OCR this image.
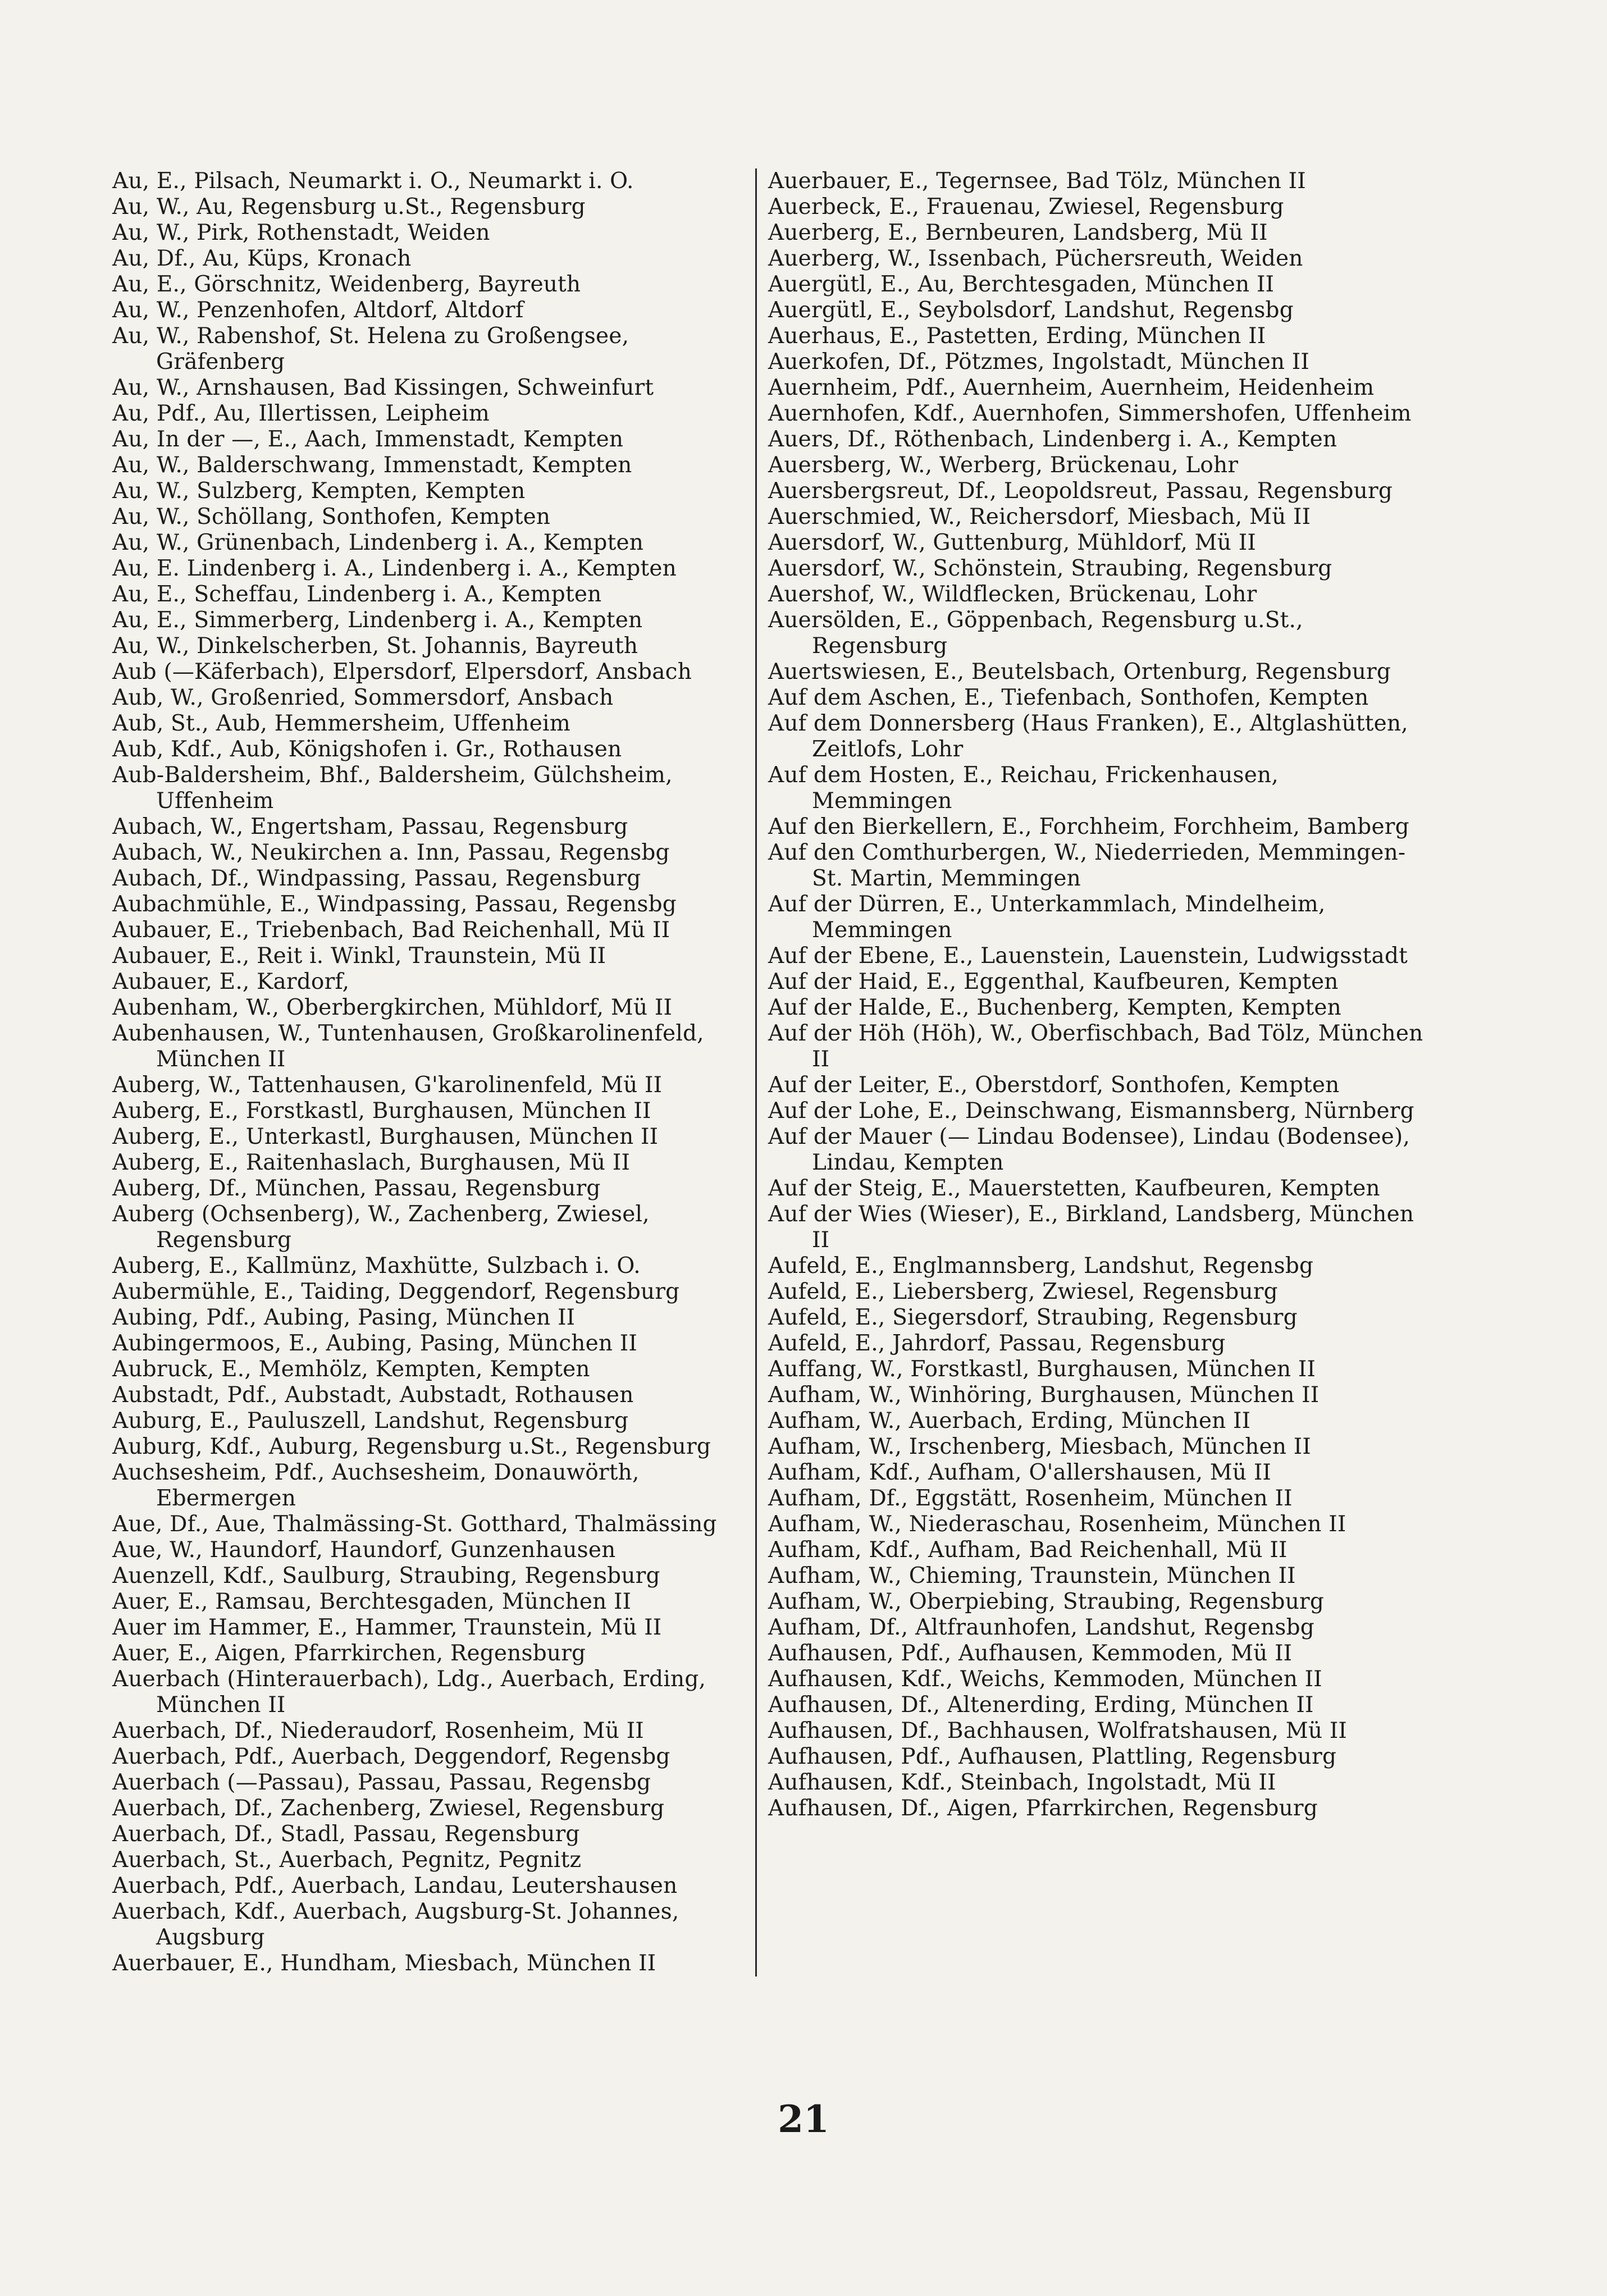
Au, E., Pilsach, Neumarkt i. O., Neumarkt i. O.
Au, W., Au, Regensburg u.St., Regensburg
Au, W., Pirk, Rothenstadt, Weiden
Au, Df., Au, Küps, Kronach
Au, E., Görschnitz, Weidenberg, Bayreuth
Au, W., Penzenhofen, Altdorf, Altdorf
Au, W., Rabenshof, St. Helena zu Großengsee, Gräfenberg
Au, W., Arnshausen, Bad Kissingen, Schweinfurt
Au, Pdf., Au, Illertissen, Leipheim
Au, In der —, E., Aach, Immenstadt, Kempten
Au, W., Balderschwang, Immenstadt, Kempten
Au, W., Sulzberg, Kempten, Kempten
Au, W., Schöllang, Sonthofen, Kempten
Au, W., Grünenbach, Lindenberg i. A., Kempten
Au, E. Lindenberg i. A., Lindenberg i. A., Kempten
Au, E., Scheffau, Lindenberg i. A., Kempten
Au, E., Simmerberg, Lindenberg i. A., Kempten
Au, W., Dinkelscherben, St. Johannis, Bayreuth
Aub (—Käferbach), Elpersdorf, Elpersdorf, Ansbach
Aub, W., Großenried, Sommersdorf, Ansbach
Aub, St., Aub, Hemmersheim, Uffenheim
Aub, Kdf., Aub, Königshofen i. Gr., Rothausen
Aub-Baldersheim, Bhf., Baldersheim, Gülchsheim, Uffenheim
Aubach, W., Engertsham, Passau, Regensburg
Aubach, W., Neukirchen a. Inn, Passau, Regensbg
Aubach, Df., Windpassing, Passau, Regensburg
Aubachmühle, E., Windpassing, Passau, Regensbg
Aubauer, E., Triebenbach, Bad Reichenhall, Mü II
Aubauer, E., Reit i. Winkl, Traunstein, Mü II
Aubauer, E., Kardorf,
Aubenham, W., Oberbergkirchen, Mühldorf, Mü II
Aubenhausen, W., Tuntenhausen, Großkarolinenfeld, München II
Auberg, W., Tattenhausen, G'karolinenfeld, Mü II
Auberg, E., Forstkastl, Burghausen, München II
Auberg, E., Unterkastl, Burghausen, München II
Auberg, E., Raitenhaslach, Burghausen, Mü II
Auberg, Df., München, Passau, Regensburg
Auberg (Ochsenberg), W., Zachenberg, Zwiesel, Regensburg
Auberg, E., Kallmünz, Maxhütte, Sulzbach i. O.
Aubermühle, E., Taiding, Deggendorf, Regensburg
Aubing, Pdf., Aubing, Pasing, München II
Aubingermoos, E., Aubing, Pasing, München II
Aubruck, E., Memhölz, Kempten, Kempten
Aubstadt, Pdf., Aubstadt, Aubstadt, Rothausen
Auburg, E., Pauluszell, Landshut, Regensburg
Auburg, Kdf., Auburg, Regensburg u.St., Regensburg
Auchsesheim, Pdf., Auchsesheim, Donauwörth, Ebermergen
Aue, Df., Aue, Thalmässing-St. Gotthard, Thalmässing
Aue, W., Haundorf, Haundorf, Gunzenhausen
Auenzell, Kdf., Saulburg, Straubing, Regensburg
Auer, E., Ramsau, Berchtesgaden, München II
Auer im Hammer, E., Hammer, Traunstein, Mü II
Auer, E., Aigen, Pfarrkirchen, Regensburg
Auerbach (Hinterauerbach), Ldg., Auerbach, Erding, München II
Auerbach, Df., Niederaudorf, Rosenheim, Mü II
Auerbach, Pdf., Auerbach, Deggendorf, Regensbg
Auerbach (—Passau), Passau, Passau, Regensbg
Auerbach, Df., Zachenberg, Zwiesel, Regensburg
Auerbach, Df., Stadl, Passau, Regensburg
Auerbach, St., Auerbach, Pegnitz, Pegnitz
Auerbach, Pdf., Auerbach, Landau, Leutershausen
Auerbach, Kdf., Auerbach, Augsburg-St. Johannes, Augsburg
Auerbauer, E., Hundham, Miesbach, München II
Auerbauer, E., Tegernsee, Bad Tölz, München II
Auerbeck, E., Frauenau, Zwiesel, Regensburg
Auerberg, E., Bernbeuren, Landsberg, Mü II
Auerberg, W., Issenbach, Püchersreuth, Weiden
Auergütl, E., Au, Berchtesgaden, München II
Auergütl, E., Seybolsdorf, Landshut, Regensbg
Auerhaus, E., Pastetten, Erding, München II
Auerkofen, Df., Pötzmes, Ingolstadt, München II
Auernheim, Pdf., Auernheim, Auernheim, Heidenheim
Auernhofen, Kdf., Auernhofen, Simmershofen, Uffenheim
Auers, Df., Röthenbach, Lindenberg i. A., Kempten
Auersberg, W., Werberg, Brückenau, Lohr
Auersbergsreut, Df., Leopoldsreut, Passau, Regensburg
Auerschmied, W., Reichersdorf, Miesbach, Mü II
Auersdorf, W., Guttenburg, Mühldorf, Mü II
Auersdorf, W., Schönstein, Straubing, Regensburg
Auershof, W., Wildflecken, Brückenau, Lohr
Auersölden, E., Göppenbach, Regensburg u.St., Regensburg
Auertswiesen, E., Beutelsbach, Ortenburg, Regensburg
Auf dem Aschen, E., Tiefenbach, Sonthofen, Kempten
Auf dem Donnersberg (Haus Franken), E., Altglashütten, Zeitlofs, Lohr
Auf dem Hosten, E., Reichau, Frickenhausen, Memmingen
Auf den Bierkellern, E., Forchheim, Forchheim, Bamberg
Auf den Comthurbergen, W., Niederrieden, Memmingen-St. Martin, Memmingen
Auf der Dürren, E., Unterkammlach, Mindelheim, Memmingen
Auf der Ebene, E., Lauenstein, Lauenstein, Ludwigsstadt
Auf der Haid, E., Eggenthal, Kaufbeuren, Kempten
Auf der Halde, E., Buchenberg, Kempten, Kempten
Auf der Höh (Höh), W., Oberfischbach, Bad Tölz, München II
Auf der Leiter, E., Oberstdorf, Sonthofen, Kempten
Auf der Lohe, E., Deinschwang, Eismannsberg, Nürnberg
Auf der Mauer (— Lindau Bodensee), Lindau (Bodensee), Lindau, Kempten
Auf der Steig, E., Mauerstetten, Kaufbeuren, Kempten
Auf der Wies (Wieser), E., Birkland, Landsberg, München II
Aufeld, E., Englmannsberg, Landshut, Regensbg
Aufeld, E., Liebersberg, Zwiesel, Regensburg
Aufeld, E., Siegersdorf, Straubing, Regensburg
Aufeld, E., Jahrdorf, Passau, Regensburg
Auffang, W., Forstkastl, Burghausen, München II
Aufham, W., Winhöring, Burghausen, München II
Aufham, W., Auerbach, Erding, München II
Aufham, W., Irschenberg, Miesbach, München II
Aufham, Kdf., Aufham, O'allershausen, Mü II
Aufham, Df., Eggstätt, Rosenheim, München II
Aufham, W., Niederaschau, Rosenheim, München II
Aufham, Kdf., Aufham, Bad Reichenhall, Mü II
Aufham, W., Chieming, Traunstein, München II
Aufham, W., Oberpiebing, Straubing, Regensburg
Aufham, Df., Altfraunhofen, Landshut, Regensbg
Aufhausen, Pdf., Aufhausen, Kemmoden, Mü II
Aufhausen, Kdf., Weichs, Kemmoden, München II
Aufhausen, Df., Altenerding, Erding, München II
Aufhausen, Df., Bachhausen, Wolfratshausen, Mü II
Aufhausen, Pdf., Aufhausen, Plattling, Regensburg
Aufhausen, Kdf., Steinbach, Ingolstadt, Mü II
Aufhausen, Df., Aigen, Pfarrkirchen, Regensburg
21
